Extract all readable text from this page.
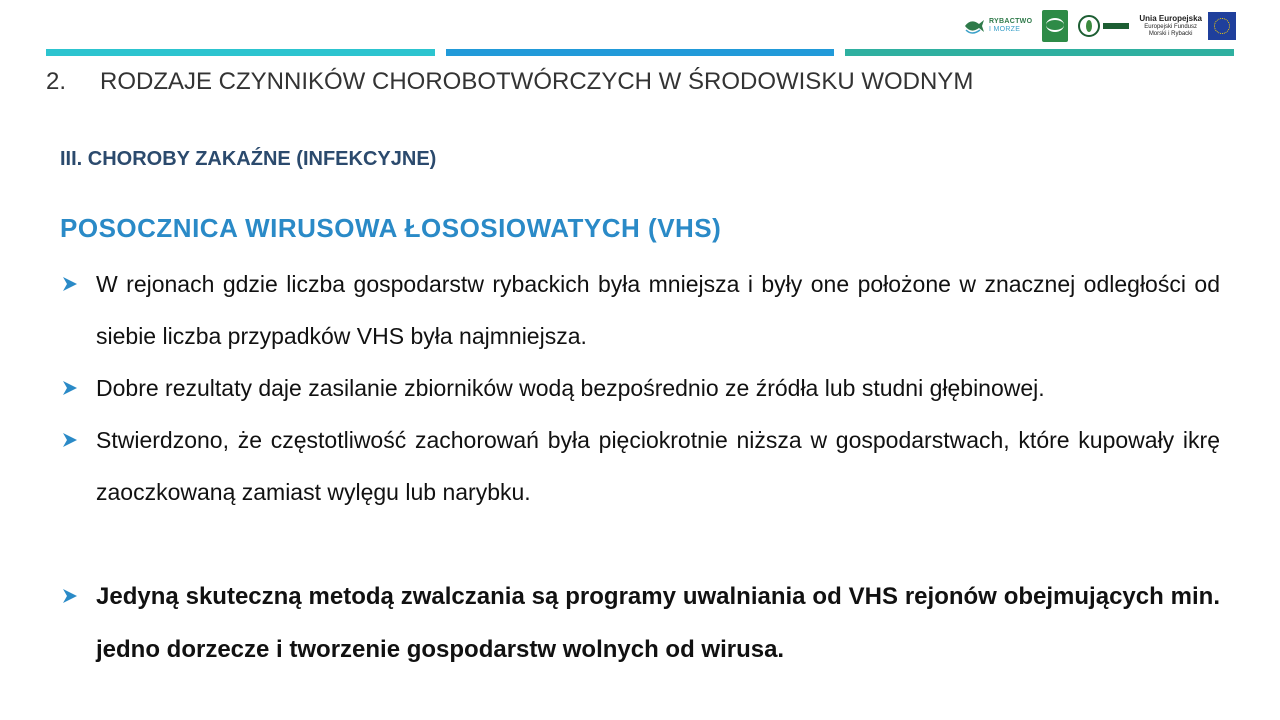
RYBACTWO
I MORZE
Unia Europejska
Europejski Fundusz
Morski i Rybacki
2. RODZAJE CZYNNIKÓW CHOROBOTWÓRCZYCH W ŚRODOWISKU WODNYM
III. CHOROBY ZAKAŹNE (INFEKCYJNE)
POSOCZNICA WIRUSOWA ŁOSOSIOWATYCH (VHS)
W rejonach gdzie liczba gospodarstw rybackich była mniejsza i były one położone w znacznej odległości od siebie liczba przypadków VHS była najmniejsza.
Dobre rezultaty daje zasilanie zbiorników wodą bezpośrednio ze źródła lub studni głębinowej.
Stwierdzono, że częstotliwość zachorowań była pięciokrotnie niższa w gospodarstwach, które kupowały ikrę zaoczkowaną zamiast wylęgu lub narybku.
Jedyną skuteczną metodą zwalczania są programy uwalniania od VHS rejonów obejmujących min. jedno dorzecze i tworzenie gospodarstw wolnych od wirusa.
